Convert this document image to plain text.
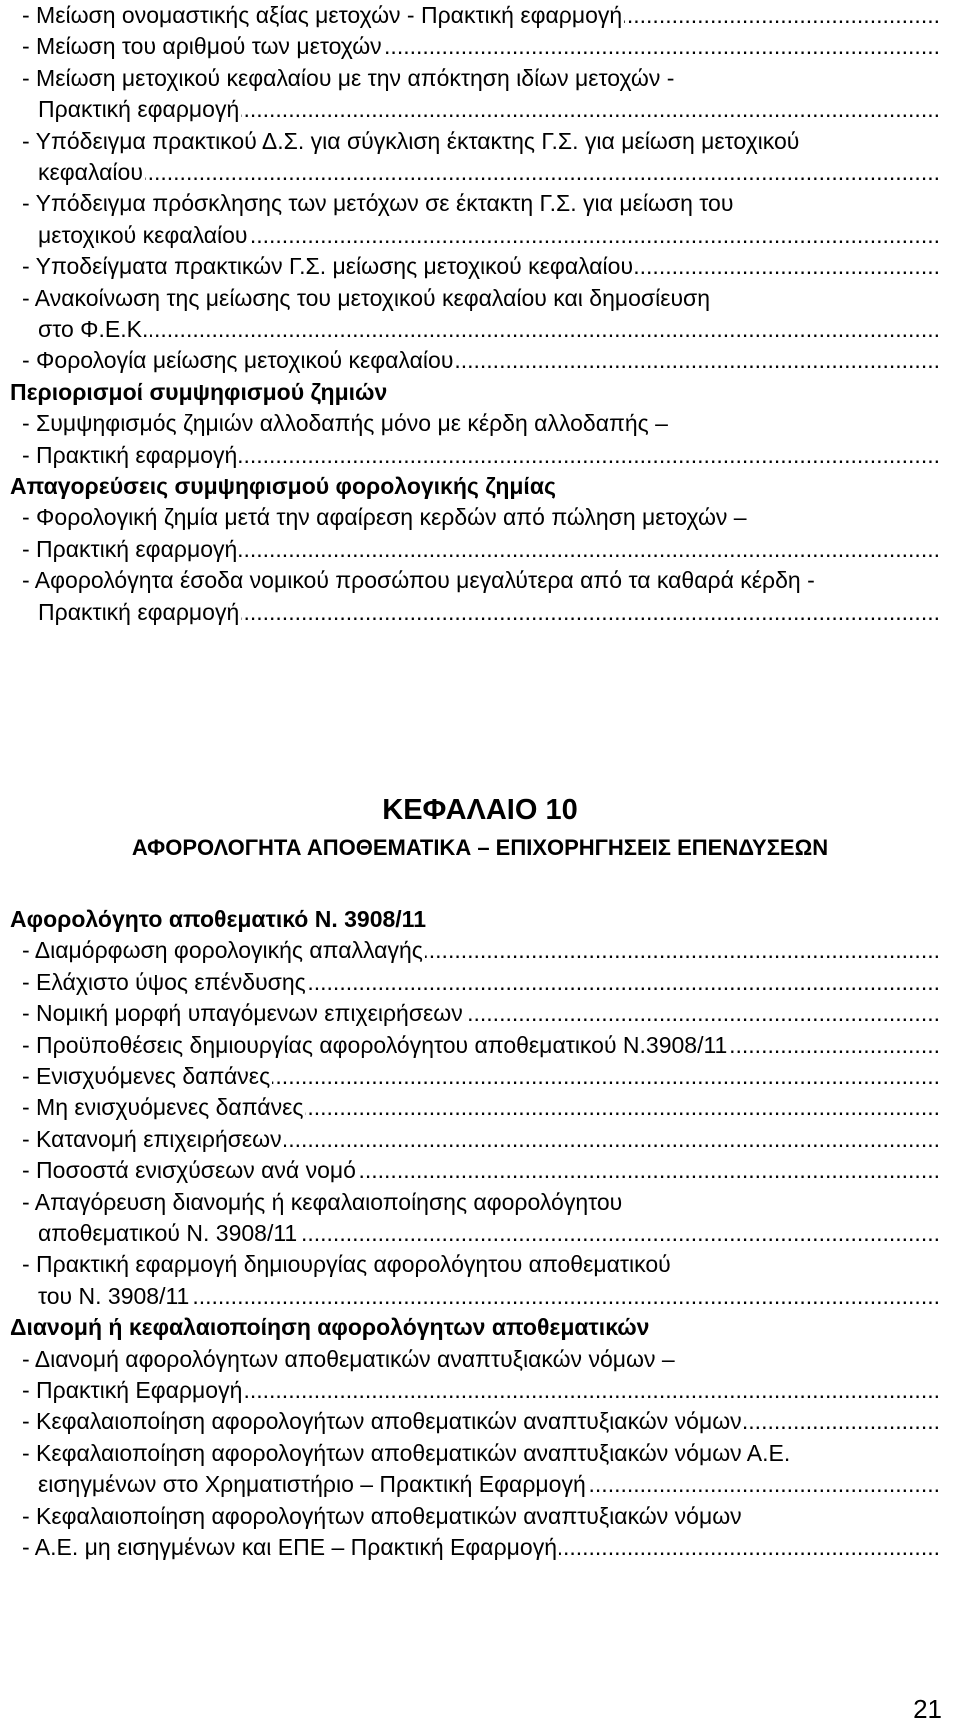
- Μείωση ονομαστικής αξίας μετοχών - Πρακτική εφαρμογή
.....
- Μείωση του αριθμού των μετοχών
.....
- Μείωση μετοχικού κεφαλαίου με την απόκτηση ιδίων μετοχών -
Πρακτική εφαρμογή
.....
- Υπόδειγμα πρακτικού Δ.Σ. για σύγκλιση έκτακτης Γ.Σ. για μείωση μετοχικού
κεφαλαίου
.....
- Υπόδειγμα πρόσκλησης των μετόχων σε έκτακτη Γ.Σ. για μείωση του
μετοχικού κεφαλαίου
.....
- Υποδείγματα πρακτικών Γ.Σ. μείωσης μετοχικού κεφαλαίου
.....
- Ανακοίνωση της μείωσης του μετοχικού κεφαλαίου και δημοσίευση
στο Φ.Ε.Κ.
.....
- Φορολογία μείωσης μετοχικού κεφαλαίου
.....
Περιορισμοί συμψηφισμού ζημιών
- Συμψηφισμός ζημιών αλλοδαπής μόνο με κέρδη αλλοδαπής –
- Πρακτική εφαρμογή
.....
Απαγορεύσεις συμψηφισμού φορολογικής ζημίας
- Φορολογική ζημία μετά την αφαίρεση κερδών από πώληση μετοχών –
- Πρακτική εφαρμογή
.....
- Αφορολόγητα έσοδα νομικού προσώπου μεγαλύτερα από τα καθαρά κέρδη -
Πρακτική εφαρμογή
.....
ΚΕΦΑΛΑΙΟ 10
ΑΦΟΡΟΛΟΓΗΤΑ ΑΠΟΘΕΜΑΤΙΚΑ – ΕΠΙΧΟΡΗΓΗΣΕΙΣ ΕΠΕΝΔΥΣΕΩΝ
Αφορολόγητο αποθεματικό Ν. 3908/11
- Διαμόρφωση φορολογικής απαλλαγής
.....
- Ελάχιστο ύψος επένδυσης
.....
- Νομική μορφή υπαγόμενων επιχειρήσεων
.....
- Προϋποθέσεις δημιουργίας αφορολόγητου αποθεματικού Ν.3908/11
.....
- Ενισχυόμενες δαπάνες
.....
- Μη ενισχυόμενες δαπάνες
.....
- Κατανομή επιχειρήσεων
.....
- Ποσοστά ενισχύσεων ανά νομό
.....
- Απαγόρευση διανομής ή κεφαλαιοποίησης αφορολόγητου
αποθεματικού Ν. 3908/11
.....
- Πρακτική εφαρμογή δημιουργίας αφορολόγητου αποθεματικού
του Ν. 3908/11
.....
Διανομή ή κεφαλαιοποίηση αφορολόγητων αποθεματικών
- Διανομή αφορολόγητων αποθεματικών αναπτυξιακών νόμων –
- Πρακτική Εφαρμογή
.....
- Κεφαλαιοποίηση αφορολογήτων αποθεματικών αναπτυξιακών νόμων
.....
- Κεφαλαιοποίηση αφορολογήτων αποθεματικών αναπτυξιακών νόμων Α.Ε.
εισηγμένων στο Χρηματιστήριο – Πρακτική Εφαρμογή
.....
- Κεφαλαιοποίηση αφορολογήτων αποθεματικών αναπτυξιακών νόμων
- Α.Ε. μη εισηγμένων και ΕΠΕ – Πρακτική Εφαρμογή
.....
21
